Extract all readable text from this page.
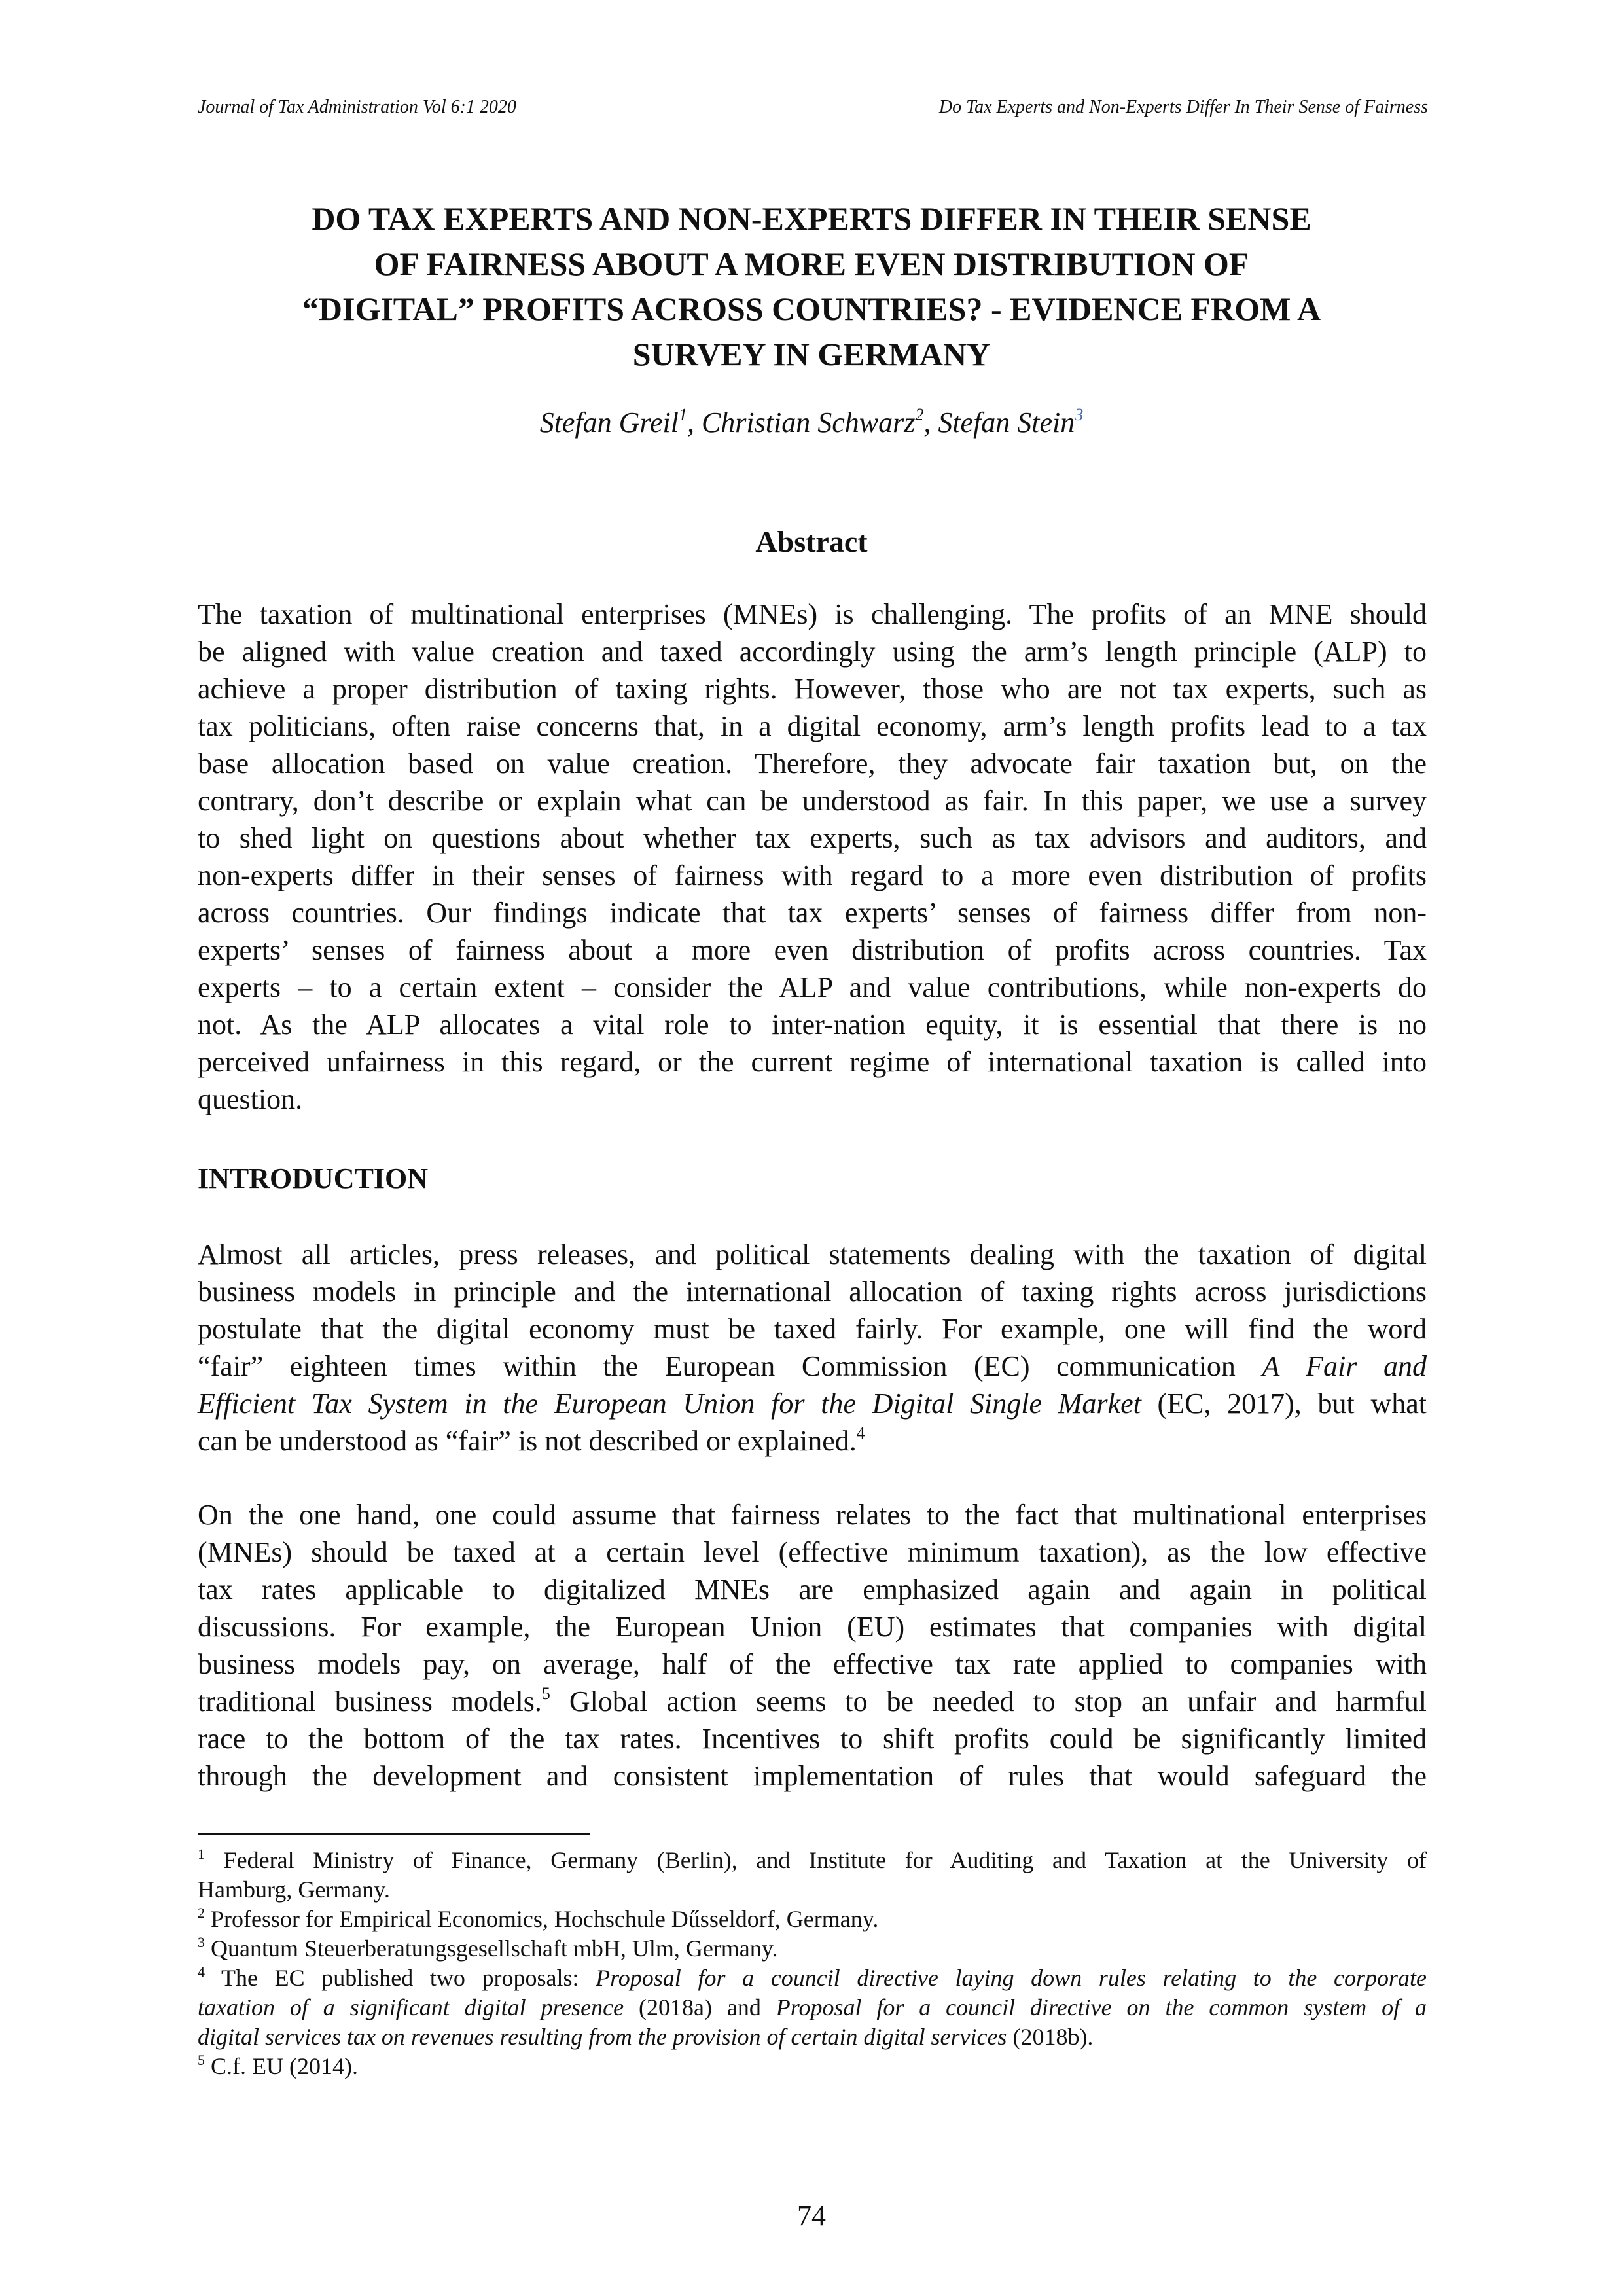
Journal of Tax Administration Vol 6:1 2020	Do Tax Experts and Non-Experts Differ In Their Sense of Fairness
DO TAX EXPERTS AND NON-EXPERTS DIFFER IN THEIR SENSE
OF FAIRNESS ABOUT A MORE EVEN DISTRIBUTION OF
“DIGITAL” PROFITS ACROSS COUNTRIES? - EVIDENCE FROM A
SURVEY IN GERMANY
Stefan Greil$^1$, Christian Schwarz$^2$, Stefan Stein$^3$
Abstract
The taxation of multinational enterprises (MNEs) is challenging. The profits of an MNE should
be aligned with value creation and taxed accordingly using the arm’s length principle (ALP) to
achieve a proper distribution of taxing rights. However, those who are not tax experts, such as
tax politicians, often raise concerns that, in a digital economy, arm’s length profits lead to a tax
base allocation based on value creation. Therefore, they advocate fair taxation but, on the
contrary, don’t describe or explain what can be understood as fair. In this paper, we use a survey
to shed light on questions about whether tax experts, such as tax advisors and auditors, and
non-experts differ in their senses of fairness with regard to a more even distribution of profits
across countries. Our findings indicate that tax experts’ senses of fairness differ from non-
experts’ senses of fairness about a more even distribution of profits across countries. Tax
experts – to a certain extent – consider the ALP and value contributions, while non-experts do
not. As the ALP allocates a vital role to inter-nation equity, it is essential that there is no
perceived unfairness in this regard, or the current regime of international taxation is called into
question.
INTRODUCTION
Almost all articles, press releases, and political statements dealing with the taxation of digital
business models in principle and the international allocation of taxing rights across jurisdictions
postulate that the digital economy must be taxed fairly. For example, one will find the word
“fair” eighteen times within the European Commission (EC) communication A Fair and
Efficient Tax System in the European Union for the Digital Single Market (EC, 2017), but what
can be understood as “fair” is not described or explained.$^4$
On the one hand, one could assume that fairness relates to the fact that multinational enterprises
(MNEs) should be taxed at a certain level (effective minimum taxation), as the low effective
tax rates applicable to digitalized MNEs are emphasized again and again in political
discussions. For example, the European Union (EU) estimates that companies with digital
business models pay, on average, half of the effective tax rate applied to companies with
traditional business models.$^5$ Global action seems to be needed to stop an unfair and harmful
race to the bottom of the tax rates. Incentives to shift profits could be significantly limited
through the development and consistent implementation of rules that would safeguard the
$^1$ Federal Ministry of Finance, Germany (Berlin), and Institute for Auditing and Taxation at the University of
Hamburg, Germany.
$^2$ Professor for Empirical Economics, Hochschule Dűsseldorf, Germany.
$^3$ Quantum Steuerberatungsgesellschaft mbH, Ulm, Germany.
$^4$ The EC published two proposals: Proposal for a council directive laying down rules relating to the corporate
taxation of a significant digital presence (2018a) and Proposal for a council directive on the common system of a
digital services tax on revenues resulting from the provision of certain digital services (2018b).
$^5$ C.f. EU (2014).
74
